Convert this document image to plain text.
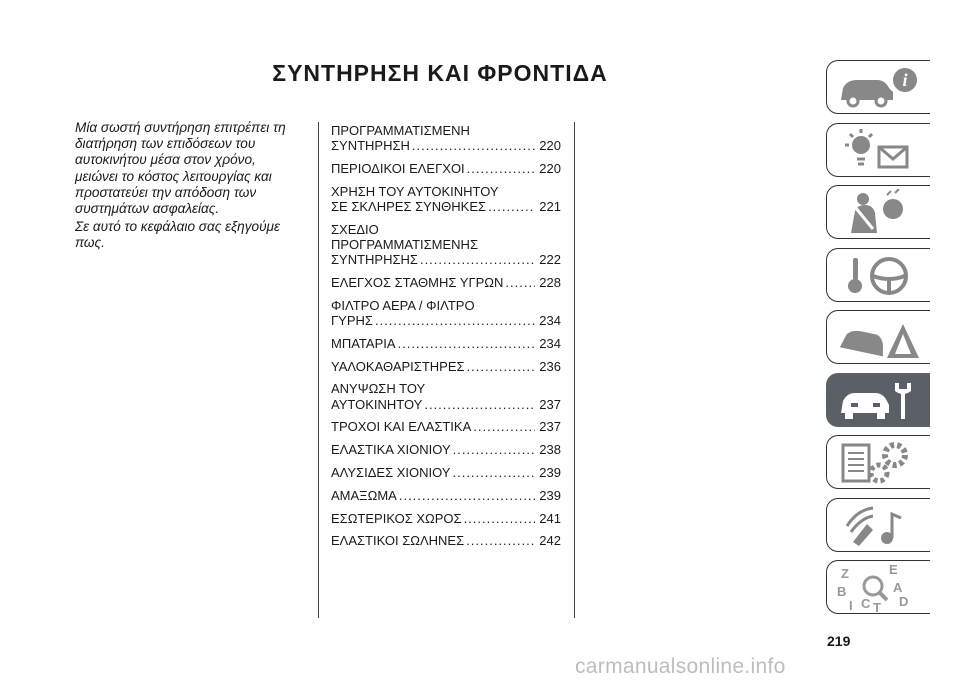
ΣΥΝΤΗΡΗΣΗ ΚΑΙ ΦΡΟΝΤΙΔΑ

Μία σωστή συντήρηση επιτρέπει τη διατήρηση των επιδόσεων του αυτοκινήτου μέσα στον χρόνο, μειώνει το κόστος λειτουργίας και προστατεύει την απόδοση των συστημάτων ασφαλείας.

Σε αυτό το κεφάλαιο σας εξηγούμε πως.

ΠΡΟΓΡΑΜΜΑΤΙΣΜΕΝΗ
ΣΥΝΤΗΡΗΣΗ .....	220
ΠΕΡΙΟΔΙΚΟΙ ΕΛΕΓΧΟΙ .....	220
ΧΡΗΣΗ ΤΟΥ ΑΥΤΟΚΙΝΗΤΟΥ
ΣΕ ΣΚΛΗΡΕΣ ΣΥΝΘΗΚΕΣ .....	221
ΣΧΕΔΙΟ
ΠΡΟΓΡΑΜΜΑΤΙΣΜΕΝΗΣ
ΣΥΝΤΗΡΗΣΗΣ .....	222
ΕΛΕΓΧΟΣ ΣΤΑΘΜΗΣ ΥΓΡΩΝ .....	228
ΦΙΛΤΡΟ ΑΕΡΑ / ΦΙΛΤΡΟ
ΓΥΡΗΣ .....	234
ΜΠΑΤΑΡΙΑ .....	234
ΥΑΛΟΚΑΘΑΡΙΣΤΗΡΕΣ .....	236
ΑΝΥΨΩΣΗ ΤΟΥ
ΑΥΤΟΚΙΝΗΤΟΥ .....	237
ΤΡΟΧΟΙ ΚΑΙ ΕΛΑΣΤΙΚΑ .....	237
ΕΛΑΣΤΙΚΑ ΧΙΟΝΙΟΥ .....	238
ΑΛΥΣΙΔΕΣ ΧΙΟΝΙΟΥ .....	239
ΑΜΑΞΩΜΑ .....	239
ΕΣΩΤΕΡΙΚΟΣ ΧΩΡΟΣ .....	241
ΕΛΑΣΤΙΚΟΙ ΣΩΛΗΝΕΣ .....	242
i
Z	E
B	A
I C T D
219
carmanualsonline.info
